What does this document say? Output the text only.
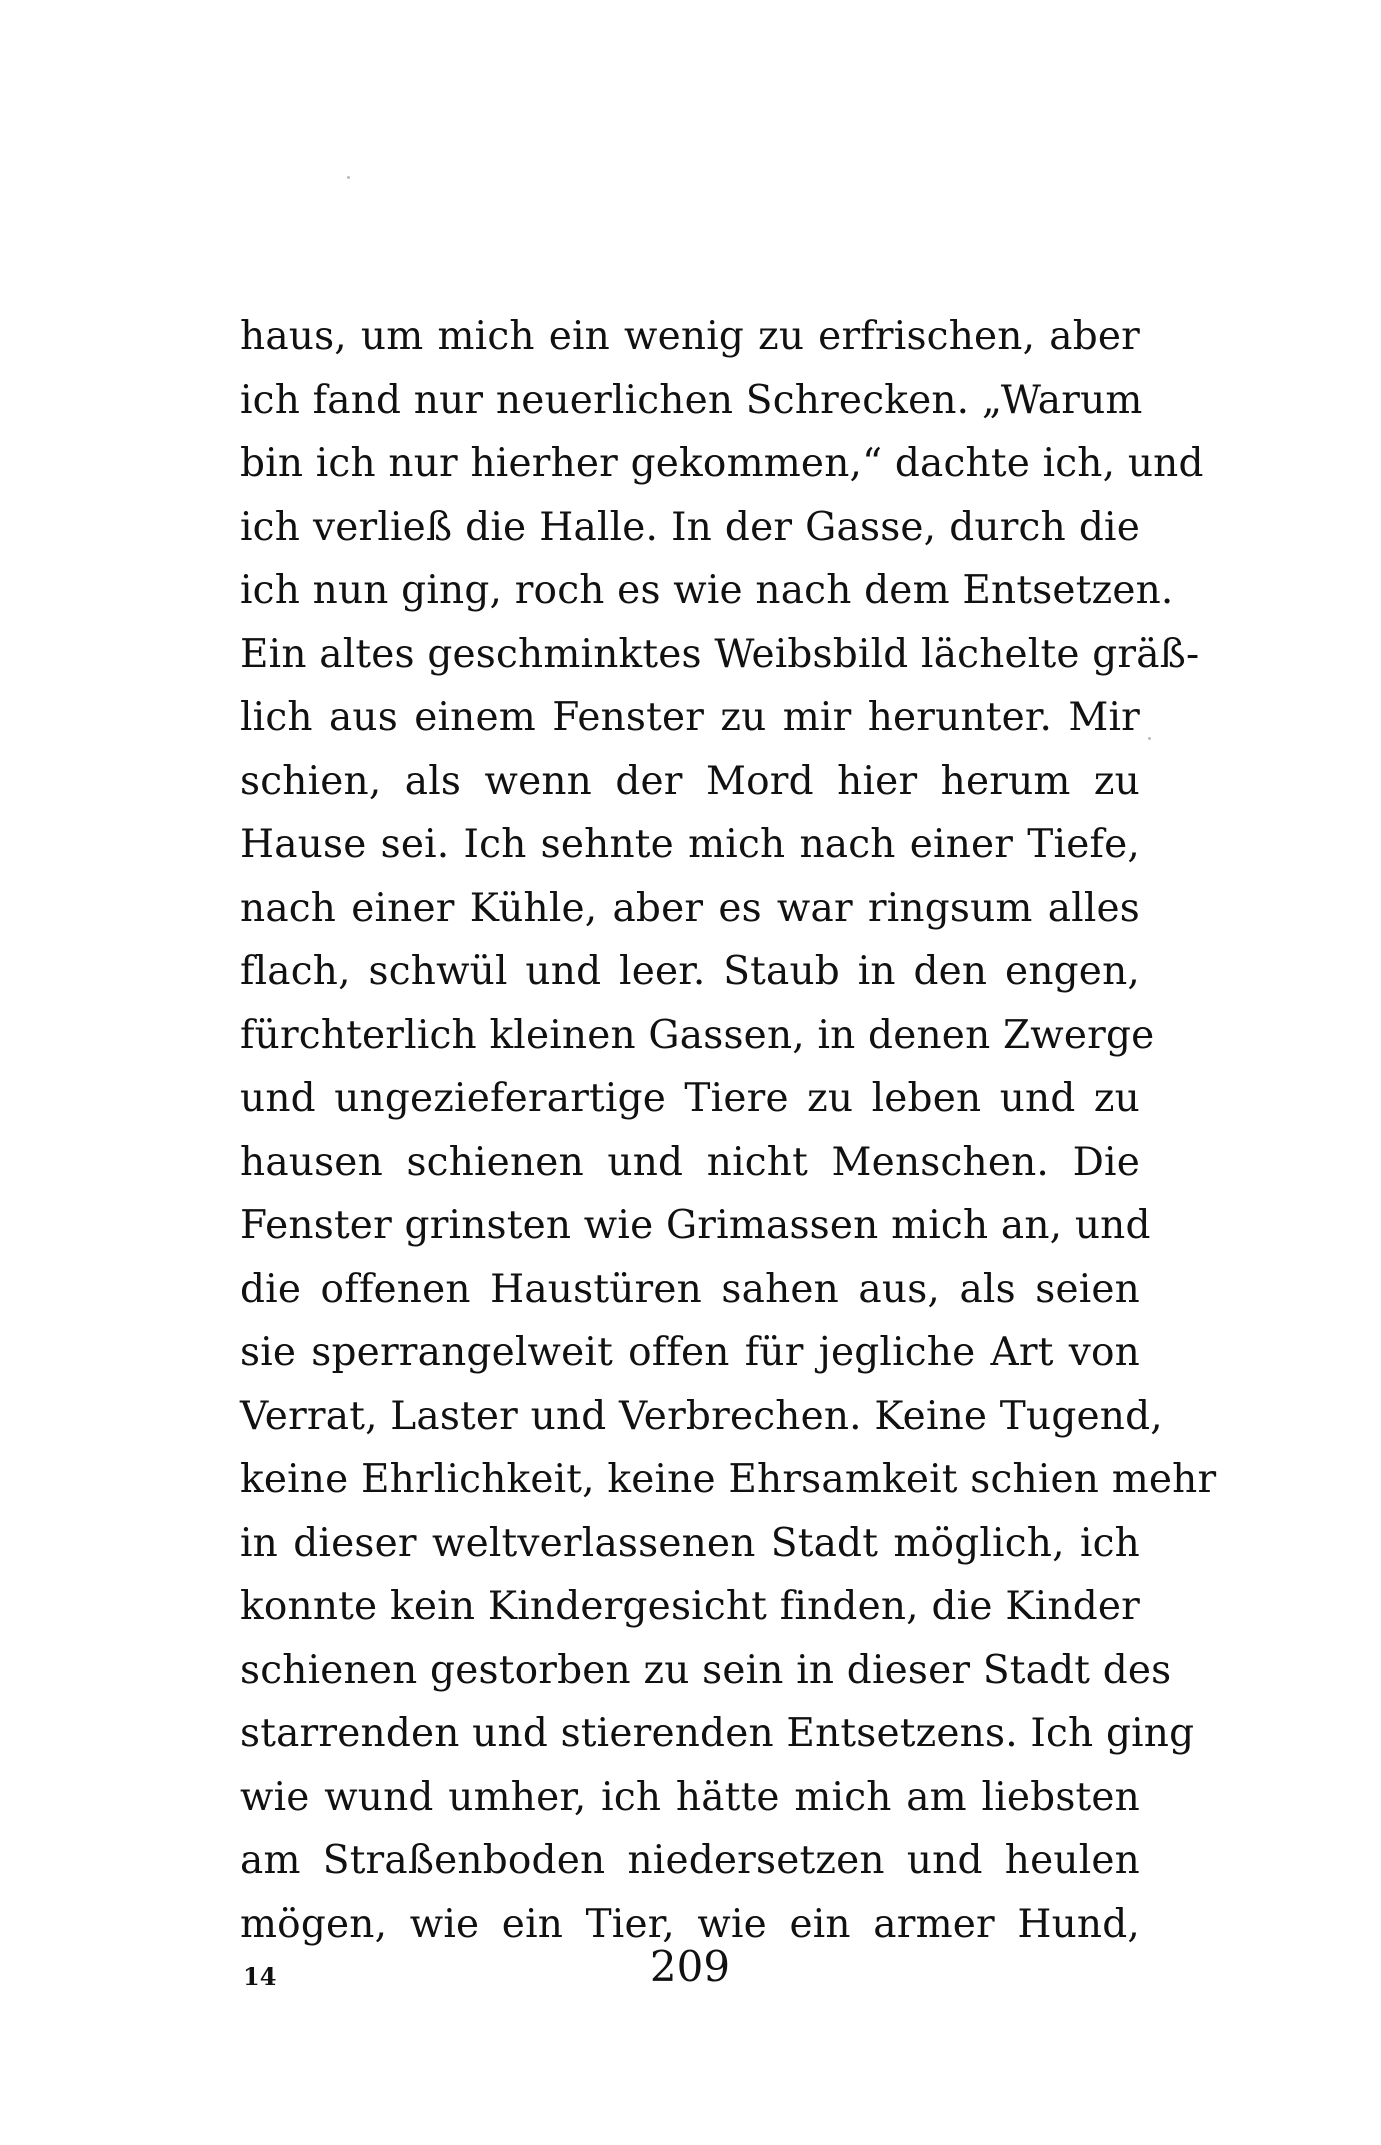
haus, um mich ein wenig zu erfrischen, aber
ich fand nur neuerlichen Schrecken. „Warum
bin ich nur hierher gekommen,“ dachte ich, und
ich verließ die Halle. In der Gasse, durch die
ich nun ging, roch es wie nach dem Entsetzen.
Ein altes geschminktes Weibsbild lächelte gräß-
lich aus einem Fenster zu mir herunter. Mir
schien, als wenn der Mord hier herum zu
Hause sei. Ich sehnte mich nach einer Tiefe,
nach einer Kühle, aber es war ringsum alles
flach, schwül und leer. Staub in den engen,
fürchterlich kleinen Gassen, in denen Zwerge
und ungezieferartige Tiere zu leben und zu
hausen schienen und nicht Menschen. Die
Fenster grinsten wie Grimassen mich an, und
die offenen Haustüren sahen aus, als seien
sie sperrangelweit offen für jegliche Art von
Verrat, Laster und Verbrechen. Keine Tugend,
keine Ehrlichkeit, keine Ehrsamkeit schien mehr
in dieser weltverlassenen Stadt möglich, ich
konnte kein Kindergesicht finden, die Kinder
schienen gestorben zu sein in dieser Stadt des
starrenden und stierenden Entsetzens. Ich ging
wie wund umher, ich hätte mich am liebsten
am Straßenboden niedersetzen und heulen
mögen, wie ein Tier, wie ein armer Hund,
14	209
